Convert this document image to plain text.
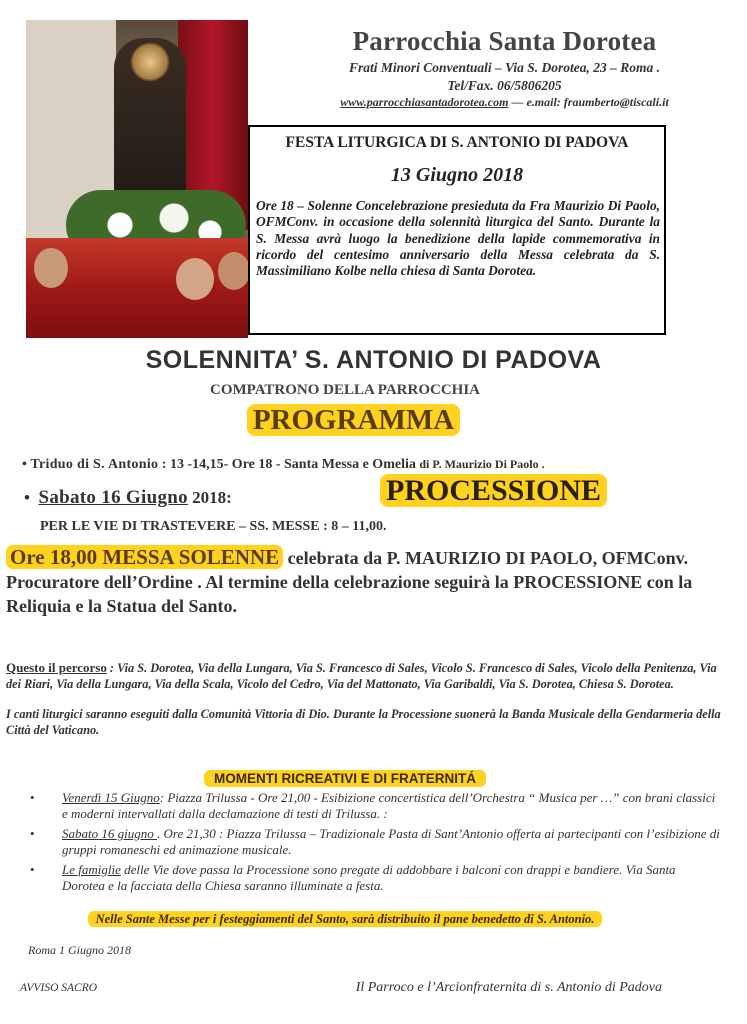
Parrocchia Santa Dorotea
Frati Minori Conventuali – Via S. Dorotea, 23 – Roma .
Tel/Fax. 06/5806205
www.parrocchiasantadorotea.com — e.mail: fraumberto@tiscali.it
FESTA LITURGICA DI S. ANTONIO DI PADOVA
13 Giugno 2018
Ore 18 – Solenne Concelebrazione presieduta da Fra Maurizio Di Paolo, OFMConv. in occasione della solennità liturgica del Santo. Durante la S. Messa avrà luogo la benedizione della lapide commemorativa in ricordo del centesimo anniversario della Messa celebrata da S. Massimiliano Kolbe nella chiesa di Santa Dorotea.
SOLENNITA’ S. ANTONIO DI PADOVA
COMPATRONO DELLA PARROCCHIA
PROGRAMMA
• Triduo di S. Antonio : 13 -14,15- Ore 18 - Santa Messa e Omelia di P. Maurizio Di Paolo .
•  Sabato 16 Giugno 2018:	PROCESSIONE
PER LE VIE DI TRASTEVERE – SS. MESSE : 8 – 11,00.
Ore 18,00 MESSA SOLENNE celebrata da P. MAURIZIO DI PAOLO, OFMConv. Procuratore dell’Ordine . Al termine della celebrazione seguirà la PROCESSIONE con la Reliquia e la Statua del Santo.
Questo il percorso : Via S. Dorotea, Via della Lungara, Via S. Francesco di Sales, Vicolo S. Francesco di Sales, Vicolo della Penitenza, Via dei Riari, Via della Lungara, Via della Scala, Vicolo del Cedro, Via del Mattonato, Via Garibaldi, Via S. Dorotea, Chiesa S. Dorotea.
I canti liturgici saranno eseguiti dalla Comunità Vittoria di Dio. Durante la Processione suonerà la Banda Musicale della Gendarmeria della Città del Vaticano.
MOMENTI RICREATIVI E DI FRATERNITÁ
• Venerdì 15 Giugno: Piazza Trilussa - Ore 21,00 - Esibizione concertistica dell’Orchestra “ Musica per …” con brani classici e moderni intervallati dalla declamazione di testi di Trilussa. :
• Sabato 16 giugno . Ore 21,30 : Piazza Trilussa – Tradizionale Pasta di Sant’Antonio offerta ai partecipanti con l’esibizione di gruppi romaneschi ed animazione musicale.
• Le famiglie delle Vie dove passa la Processione sono pregate di addobbare i balconi con drappi e bandiere. Via Santa Dorotea e la facciata della Chiesa saranno illuminate a festa.
Nelle Sante Messe per i festeggiamenti del Santo, sarà distribuito il pane benedetto di S. Antonio.
Roma 1 Giugno 2018
AVVISO SACRO	Il Parroco e l’Arcionfraternita di s. Antonio di Padova
